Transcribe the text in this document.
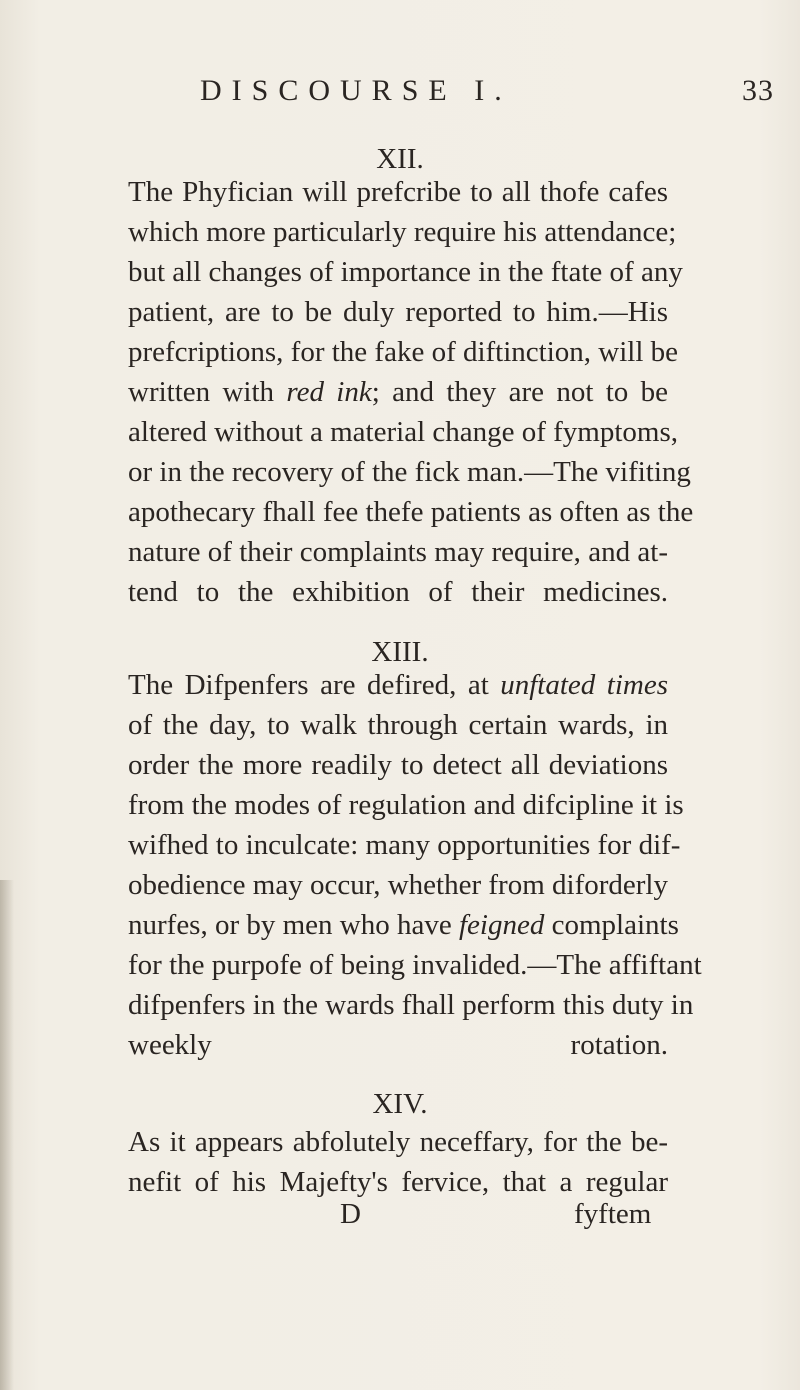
DISCOURSE I.	33
XII.
The Phyfician will prefcribe to all thofe cafes which more particularly require his attendance; but all changes of importance in the ftate of any patient, are to be duly reported to him.—His prefcriptions, for the fake of diftinction, will be written with red ink; and they are not to be altered without a material change of fymptoms, or in the recovery of the fick man.—The vifiting apothecary fhall fee thefe patients as often as the nature of their complaints may require, and at- tend to the exhibition of their medicines.
XIII.
The Difpenfers are defired, at unftated times of the day, to walk through certain wards, in order the more readily to detect all deviations from the modes of regulation and difcipline it is wifhed to inculcate: many opportunities for dif- obedience may occur, whether from diforderly nurfes, or by men who have feigned complaints for the purpofe of being invalided.—The affiftant difpenfers in the wards fhall perform this duty in weekly rotation.
XIV.
As it appears abfolutely neceffary, for the be- nefit of his Majefty's fervice, that a regular
D	fyftem
